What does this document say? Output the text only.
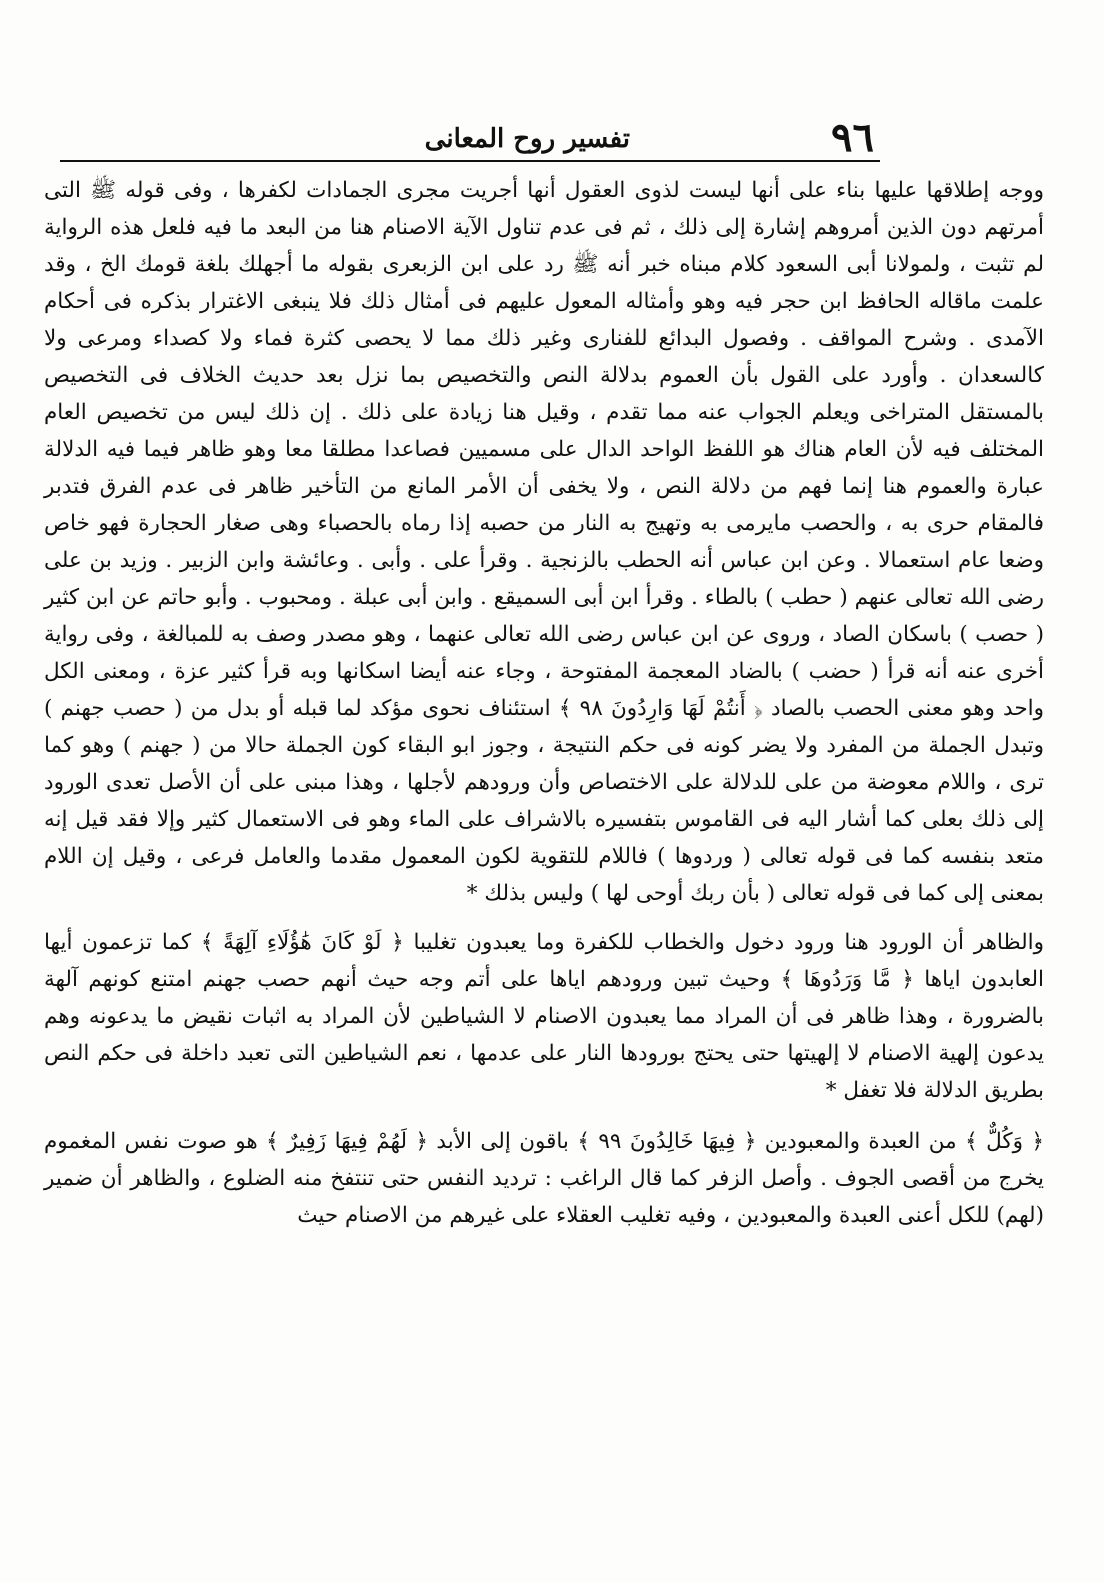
٩٦
تفسير روح المعانى

ووجه إطلاقها عليها بناء على أنها ليست لذوى العقول أنها أجريت مجرى الجمادات لكفرها ، وفى قوله ﷺ التى أمرتهم دون الذين أمروهم إشارة إلى ذلك ، ثم فى عدم تناول الآية الاصنام هنا من البعد ما فيه فلعل هذه الرواية لم تثبت ، ولمولانا أبى السعود كلام مبناه خبر أنه ﷺ رد على ابن الزبعرى بقوله ما أجهلك بلغة قومك الخ ، وقد علمت ماقاله الحافظ ابن حجر فيه وهو وأمثاله المعول عليهم فى أمثال ذلك فلا ينبغى الاغترار بذكره فى أحكام الآمدى . وشرح المواقف . وفصول البدائع للفنارى وغير ذلك مما لا يحصى كثرة فماء ولا كصداء ومرعى ولا كالسعدان . وأورد على القول بأن العموم بدلالة النص والتخصيص بما نزل بعد حديث الخلاف فى التخصيص بالمستقل المتراخى ويعلم الجواب عنه مما تقدم ، وقيل هنا زيادة على ذلك . إن ذلك ليس من تخصيص العام المختلف فيه لأن العام هناك هو اللفظ الواحد الدال على مسميين فصاعدا مطلقا معا وهو ظاهر فيما فيه الدلالة عبارة والعموم هنا إنما فهم من دلالة النص ، ولا يخفى أن الأمر المانع من التأخير ظاهر فى عدم الفرق فتدبر فالمقام حرى به ، والحصب مايرمى به وتهيج به النار من حصبه إذا رماه بالحصباء وهى صغار الحجارة فهو خاص وضعا عام استعمالا . وعن ابن عباس أنه الحطب بالزنجية . وقرأ على . وأبى . وعائشة وابن الزبير . وزيد بن على رضى الله تعالى عنهم ( حطب ) بالطاء . وقرأ ابن أبى السميقع . وابن أبى عبلة . ومحبوب . وأبو حاتم عن ابن كثير ( حصب ) باسكان الصاد ، وروى عن ابن عباس رضى الله تعالى عنهما ، وهو مصدر وصف به للمبالغة ، وفى رواية أخرى عنه أنه قرأ ( حضب ) بالضاد المعجمة المفتوحة ، وجاء عنه أيضا اسكانها وبه قرأ كثير عزة ، ومعنى الكل واحد وهو معنى الحصب بالصاد ﴿ أَنتُمْ لَهَا وَارِدُونَ ٩٨ ﴾ استئناف نحوى مؤكد لما قبله أو بدل من ( حصب جهنم ) وتبدل الجملة من المفرد ولا يضر كونه فى حكم النتيجة ، وجوز ابو البقاء كون الجملة حالا من ( جهنم ) وهو كما ترى ، واللام معوضة من على للدلالة على الاختصاص وأن ورودهم لأجلها ، وهذا مبنى على أن الأصل تعدى الورود إلى ذلك بعلى كما أشار اليه فى القاموس بتفسيره بالاشراف على الماء وهو فى الاستعمال كثير وإلا فقد قيل إنه متعد بنفسه كما فى قوله تعالى ( وردوها ) فاللام للتقوية لكون المعمول مقدما والعامل فرعى ، وقيل إن اللام بمعنى إلى كما فى قوله تعالى ( بأن ربك أوحى لها ) وليس بذلك *

والظاهر أن الورود هنا ورود دخول والخطاب للكفرة وما يعبدون تغليبا ﴿ لَوْ كَانَ هَٰؤُلَاءِ آلِهَةً ﴾ كما تزعمون أيها العابدون اياها ﴿ مَّا وَرَدُوهَا ﴾ وحيث تبين ورودهم اياها على أتم وجه حيث أنهم حصب جهنم امتنع كونهم آلهة بالضرورة ، وهذا ظاهر فى أن المراد مما يعبدون الاصنام لا الشياطين لأن المراد به اثبات نقيض ما يدعونه وهم يدعون إلهية الاصنام لا إلهيتها حتى يحتج بورودها النار على عدمها ، نعم الشياطين التى تعبد داخلة فى حكم النص بطريق الدلالة فلا تغفل *

﴿ وَكُلٌّ ﴾ من العبدة والمعبودين ﴿ فِيهَا خَالِدُونَ ٩٩ ﴾ باقون إلى الأبد ﴿ لَهُمْ فِيهَا زَفِيرٌ ﴾ هو صوت نفس المغموم يخرج من أقصى الجوف . وأصل الزفر كما قال الراغب : ترديد النفس حتى تنتفخ منه الضلوع ، والظاهر أن ضمير (لهم) للكل أعنى العبدة والمعبودين ، وفيه تغليب العقلاء على غيرهم من الاصنام حيث
